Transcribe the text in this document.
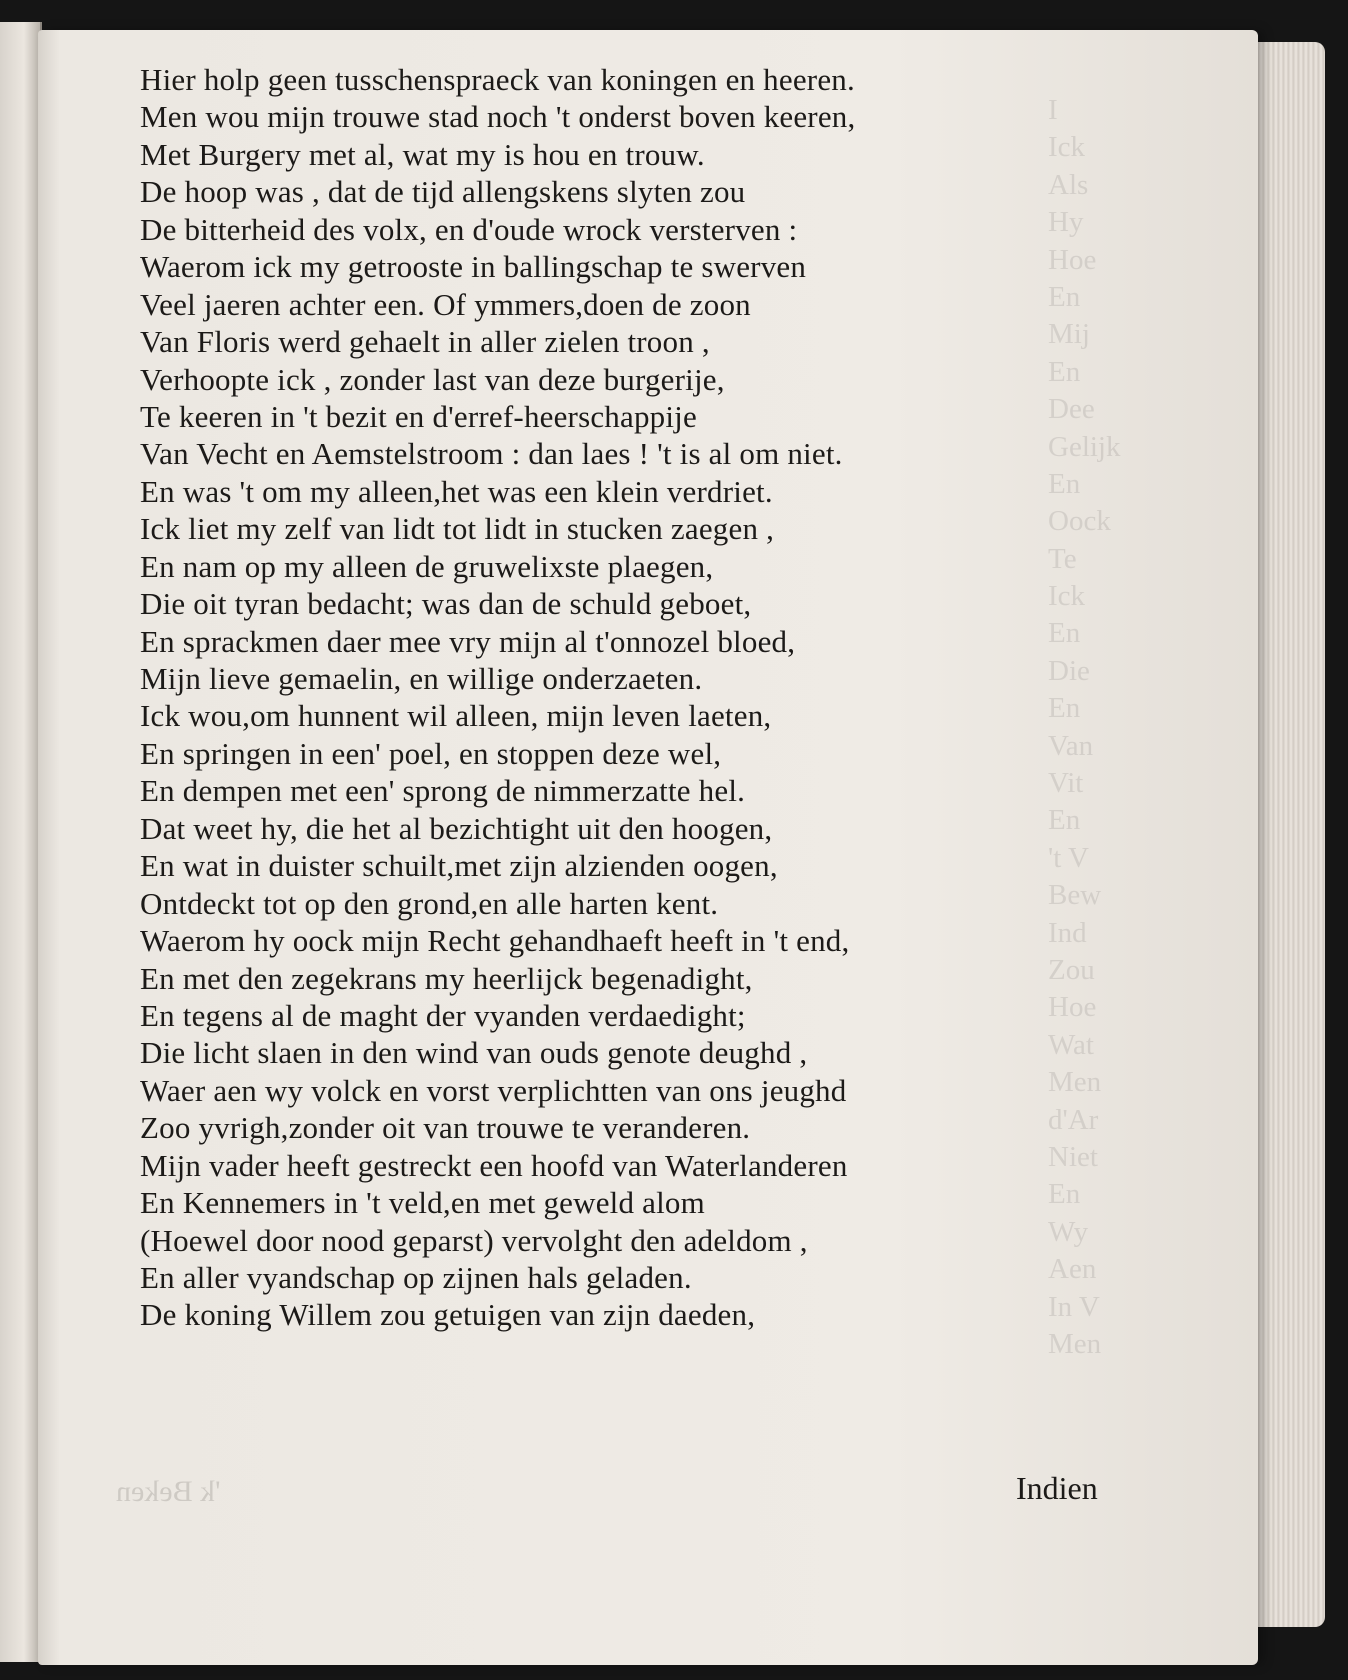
I
Ick
Als
Hy
Hoe
En
Mij
En
Dee
Gelijk
En
Oock
Te
Ick
En
Die
En
Van
Vit
En
't V
Bew
Ind
Zou
Hoe
Wat
Men
d'Ar
Niet
En
Wy
Aen
In V
Men
'k Beken
Hier holp geen tusschenspraeck van koningen en heeren.
Men wou mijn trouwe stad noch 't onderst boven keeren,
Met Burgery met al, wat my is hou en trouw.
De hoop was , dat de tijd allengskens slyten zou
De bitterheid des volx, en d'oude wrock versterven :
Waerom ick my getrooste in ballingschap te swerven
Veel jaeren achter een. Of ymmers,doen de zoon
Van Floris werd gehaelt in aller zielen troon ,
Verhoopte ick , zonder last van deze burgerije,
Te keeren in 't bezit en d'erref-heerschappije
Van Vecht en Aemstelstroom : dan laes ! 't is al om niet.
En was 't om my alleen,het was een klein verdriet.
Ick liet my zelf van lidt tot lidt in stucken zaegen ,
En nam op my alleen de gruwelixste plaegen,
Die oit tyran bedacht; was dan de schuld geboet,
En sprackmen daer mee vry mijn al t'onnozel bloed,
Mijn lieve gemaelin, en willige onderzaeten.
Ick wou,om hunnent wil alleen, mijn leven laeten,
En springen in een' poel, en stoppen deze wel,
En dempen met een' sprong de nimmerzatte hel.
Dat weet hy, die het al bezichtight uit den hoogen,
En wat in duister schuilt,met zijn alzienden oogen,
Ontdeckt tot op den grond,en alle harten kent.
Waerom hy oock mijn Recht gehandhaeft heeft in 't end,
En met den zegekrans my heerlijck begenadight,
En tegens al de maght der vyanden verdaedight;
Die licht slaen in den wind van ouds genote deughd ,
Waer aen wy volck en vorst verplichtten van ons jeughd
Zoo yvrigh,zonder oit van trouwe te veranderen.
Mijn vader heeft gestreckt een hoofd van Waterlanderen
En Kennemers in 't veld,en met geweld alom
(Hoewel door nood geparst) vervolght den adeldom ,
En aller vyandschap op zijnen hals geladen.
De koning Willem zou getuigen van zijn daeden,
Indien
